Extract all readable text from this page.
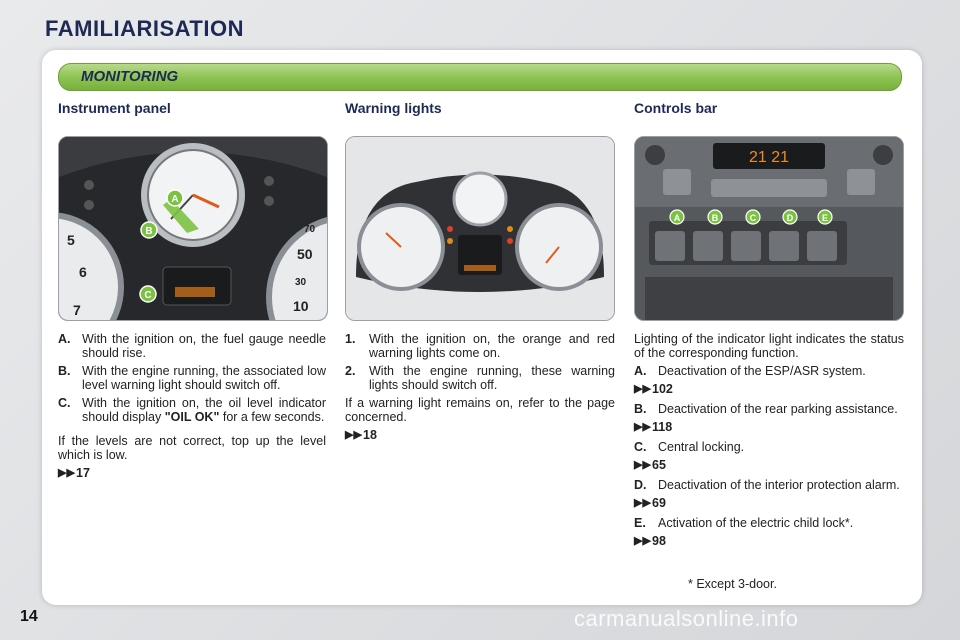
FAMILIARISATION
MONITORING
Instrument panel	Warning lights	Controls bar
5
6
7
70
50
30
10
A
B
C
21 21
A	B	C	D	E
A. With the ignition on, the fuel gauge needle should rise.
B. With the engine running, the associated low level warning light should switch off.
C. With the ignition on, the oil level indicator should display "OIL OK" for a few seconds.

If the levels are not correct, top up the level which is low.

▶▶ 17
1.	With the ignition on, the orange and red warning lights come on.
2.	With the engine running, these warning lights should switch off.

If a warning light remains on, refer to the page concerned.

▶▶ 18

Lighting of the indicator light indicates the status of the corresponding function.

A. Deactivation of the ESP/ASR system.
▶▶ 102
B. Deactivation of the rear parking assistance.
▶▶ 118
C. Central locking.
▶▶ 65
D. Deactivation of the interior protection alarm.
▶▶ 69
E. Activation of the electric child lock*.
▶▶ 98
* Except 3-door.
14	carmanualsonline.info
